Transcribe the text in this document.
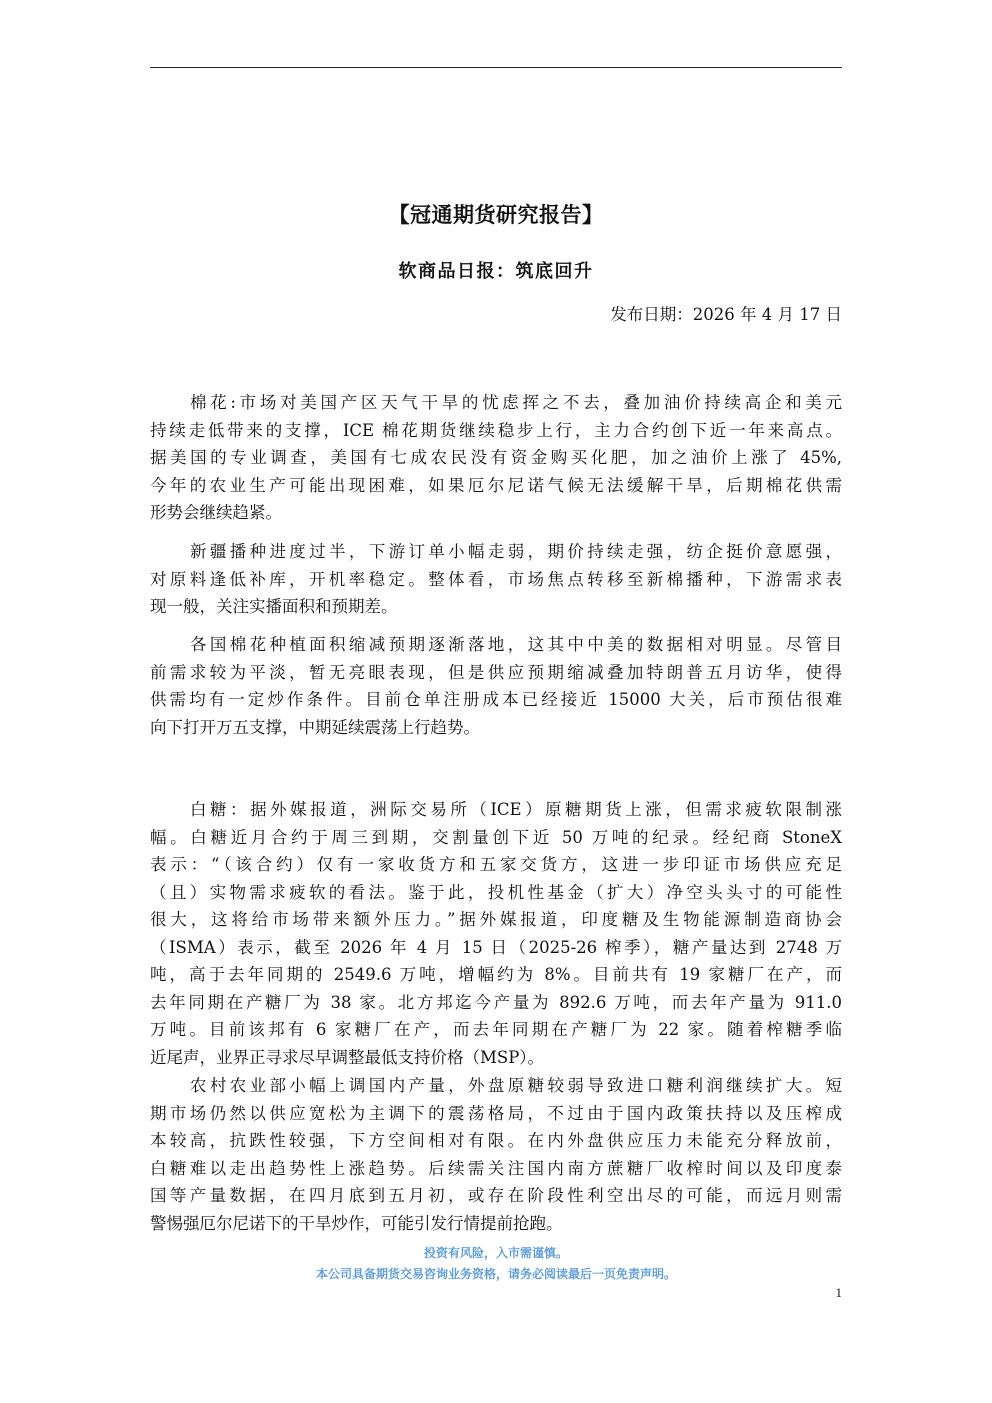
【冠通期货研究报告】
软商品日报：筑底回升
发布日期：2026 年 4 月 17 日
棉花:市场对美国产区天气干旱的忧虑挥之不去，叠加油价持续高企和美元
持续走低带来的支撑，ICE 棉花期货继续稳步上行，主力合约创下近一年来高点。
据美国的专业调查，美国有七成农民没有资金购买化肥，加之油价上涨了 45%,
今年的农业生产可能出现困难，如果厄尔尼诺气候无法缓解干旱，后期棉花供需
形势会继续趋紧。
新疆播种进度过半，下游订单小幅走弱，期价持续走强，纺企挺价意愿强，
对原料逢低补库，开机率稳定。整体看，市场焦点转移至新棉播种，下游需求表
现一般，关注实播面积和预期差。
各国棉花种植面积缩减预期逐渐落地，这其中中美的数据相对明显。尽管目
前需求较为平淡，暂无亮眼表现，但是供应预期缩减叠加特朗普五月访华，使得
供需均有一定炒作条件。目前仓单注册成本已经接近 15000 大关，后市预估很难
向下打开万五支撑，中期延续震荡上行趋势。
白糖：据外媒报道，洲际交易所（ICE）原糖期货上涨，但需求疲软限制涨
幅。白糖近月合约于周三到期，交割量创下近 50 万吨的纪录。经纪商 StoneX
表示：“（该合约）仅有一家收货方和五家交货方，这进一步印证市场供应充足
（且）实物需求疲软的看法。鉴于此，投机性基金（扩大）净空头头寸的可能性
很大，这将给市场带来额外压力。”据外媒报道，印度糖及生物能源制造商协会
（ISMA）表示，截至 2026 年 4 月 15 日（2025-26 榨季），糖产量达到 2748 万
吨，高于去年同期的 2549.6 万吨，增幅约为 8%。目前共有 19 家糖厂在产，而
去年同期在产糖厂为 38 家。北方邦迄今产量为 892.6 万吨，而去年产量为 911.0
万吨。目前该邦有 6 家糖厂在产，而去年同期在产糖厂为 22 家。随着榨糖季临
近尾声，业界正寻求尽早调整最低支持价格（MSP）。
农村农业部小幅上调国内产量，外盘原糖较弱导致进口糖利润继续扩大。短
期市场仍然以供应宽松为主调下的震荡格局，不过由于国内政策扶持以及压榨成
本较高，抗跌性较强，下方空间相对有限。在内外盘供应压力未能充分释放前，
白糖难以走出趋势性上涨趋势。后续需关注国内南方蔗糖厂收榨时间以及印度泰
国等产量数据，在四月底到五月初，或存在阶段性利空出尽的可能，而远月则需
警惕强厄尔尼诺下的干旱炒作，可能引发行情提前抢跑。
投资有风险，入市需谨慎。
本公司具备期货交易咨询业务资格，请务必阅读最后一页免责声明。
1
